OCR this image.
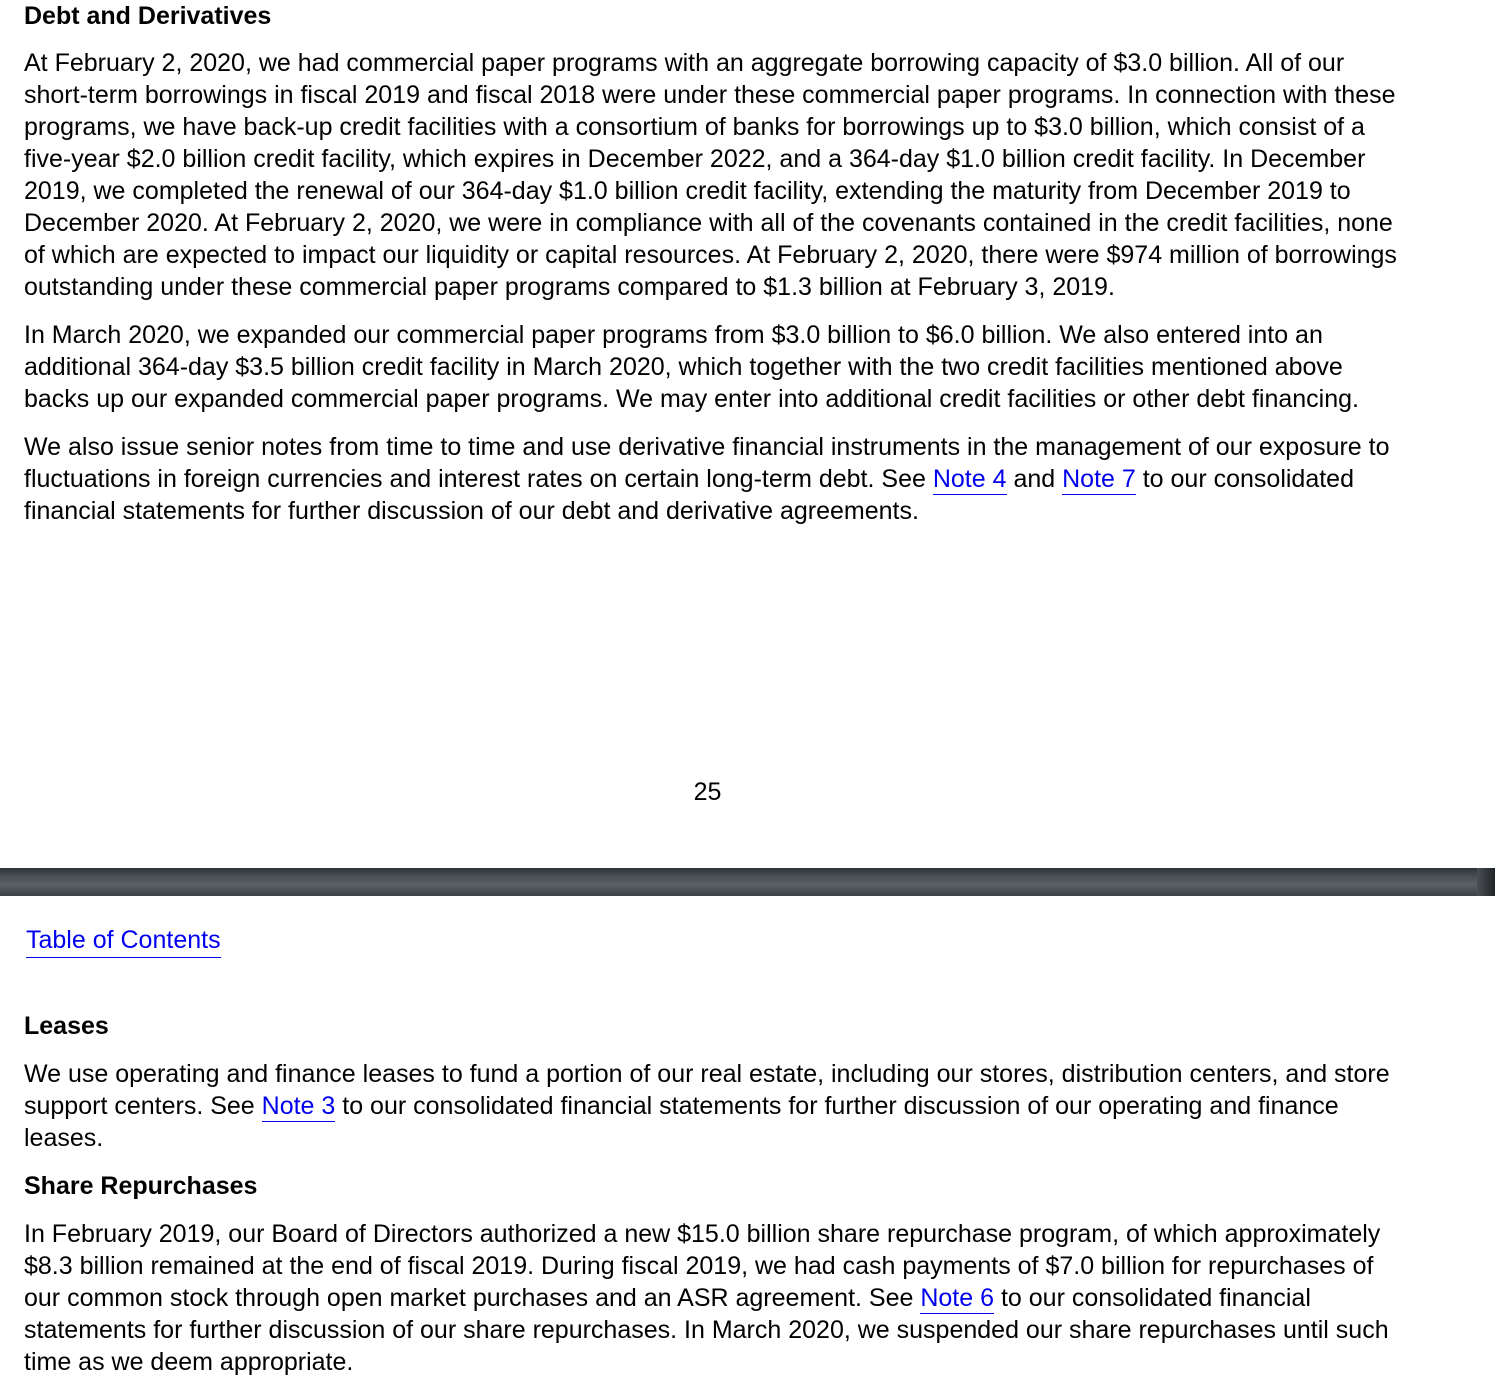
Debt and Derivatives

At February 2, 2020, we had commercial paper programs with an aggregate borrowing capacity of $3.0 billion. All of our short-term borrowings in fiscal 2019 and fiscal 2018 were under these commercial paper programs. In connection with these programs, we have back-up credit facilities with a consortium of banks for borrowings up to $3.0 billion, which consist of a five-year $2.0 billion credit facility, which expires in December 2022, and a 364-day $1.0 billion credit facility. In December 2019, we completed the renewal of our 364-day $1.0 billion credit facility, extending the maturity from December 2019 to December 2020. At February 2, 2020, we were in compliance with all of the covenants contained in the credit facilities, none of which are expected to impact our liquidity or capital resources. At February 2, 2020, there were $974 million of borrowings outstanding under these commercial paper programs compared to $1.3 billion at February 3, 2019.

In March 2020, we expanded our commercial paper programs from $3.0 billion to $6.0 billion. We also entered into an additional 364-day $3.5 billion credit facility in March 2020, which together with the two credit facilities mentioned above backs up our expanded commercial paper programs. We may enter into additional credit facilities or other debt financing.

We also issue senior notes from time to time and use derivative financial instruments in the management of our exposure to fluctuations in foreign currencies and interest rates on certain long-term debt. See Note 4 and Note 7 to our consolidated financial statements for further discussion of our debt and derivative agreements.

25
Table of Contents
Leases

We use operating and finance leases to fund a portion of our real estate, including our stores, distribution centers, and store support centers. See Note 3 to our consolidated financial statements for further discussion of our operating and finance leases.

Share Repurchases

In February 2019, our Board of Directors authorized a new $15.0 billion share repurchase program, of which approximately $8.3 billion remained at the end of fiscal 2019. During fiscal 2019, we had cash payments of $7.0 billion for repurchases of our common stock through open market purchases and an ASR agreement. See Note 6 to our consolidated financial statements for further discussion of our share repurchases. In March 2020, we suspended our share repurchases until such time as we deem appropriate.
